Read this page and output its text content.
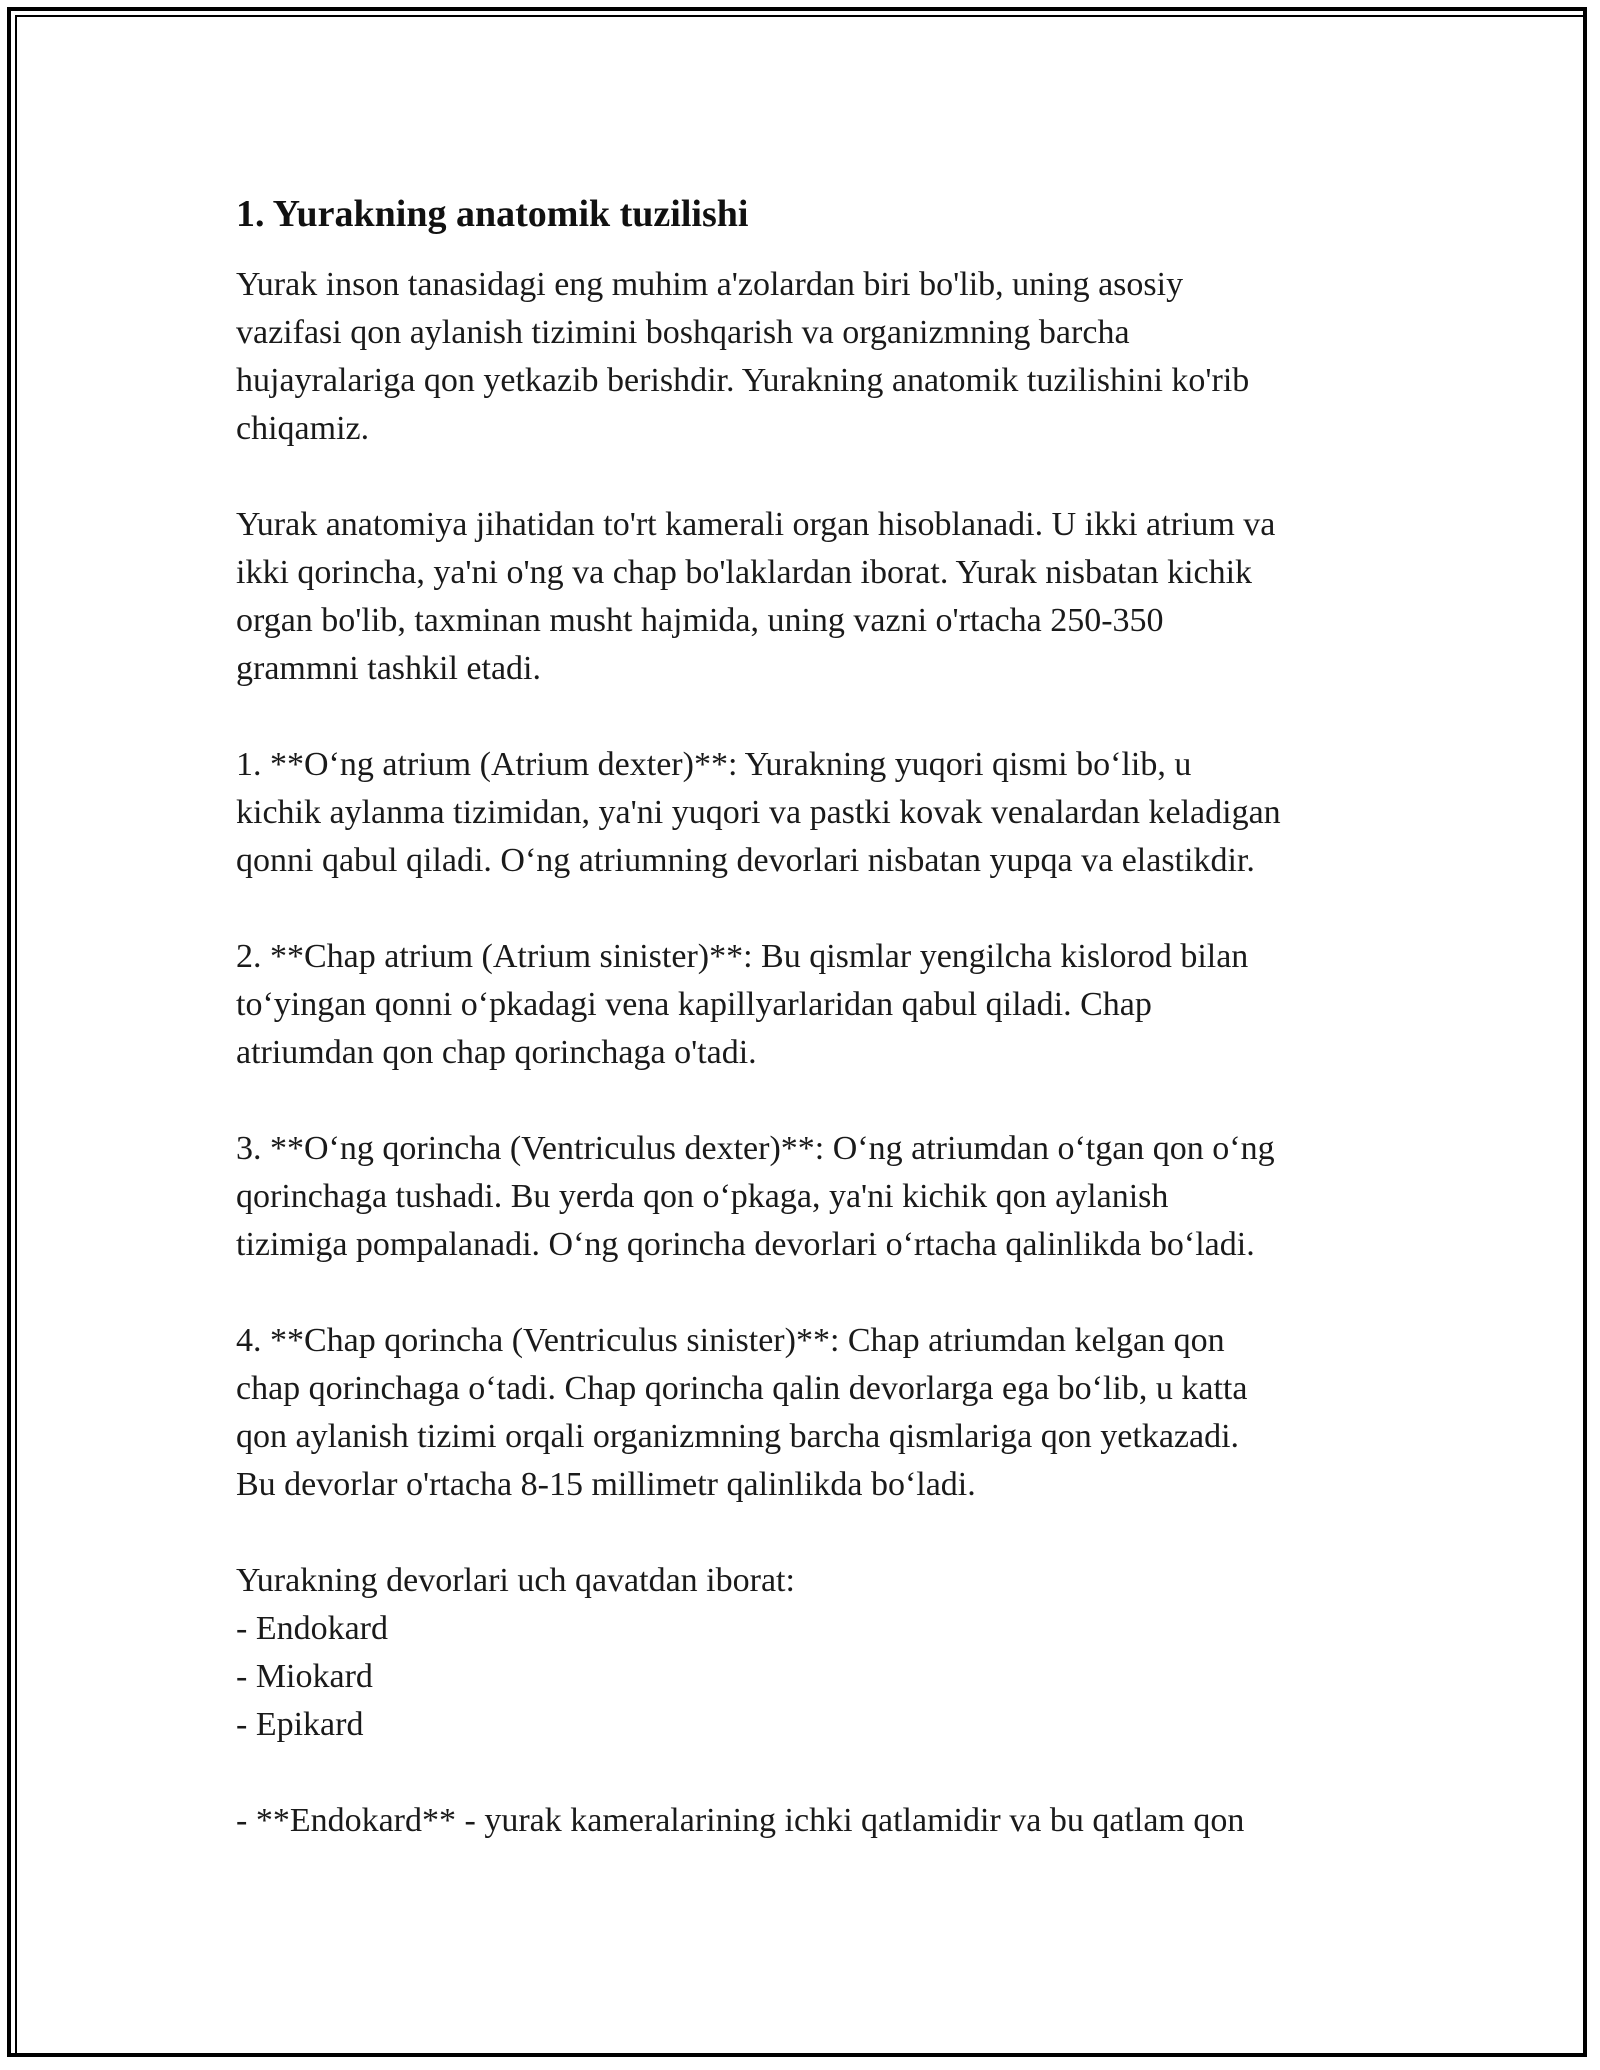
1. Yurakning anatomik tuzilishi

Yurak inson tanasidagi eng muhim a'zolardan biri bo'lib, uning asosiy
vazifasi qon aylanish tizimini boshqarish va organizmning barcha
hujayralariga qon yetkazib berishdir. Yurakning anatomik tuzilishini ko'rib
chiqamiz.

Yurak anatomiya jihatidan to'rt kamerali organ hisoblanadi. U ikki atrium va
ikki qorincha, ya'ni o'ng va chap bo'laklardan iborat. Yurak nisbatan kichik
organ bo'lib, taxminan musht hajmida, uning vazni o'rtacha 250-350
grammni tashkil etadi.

1. **O‘ng atrium (Atrium dexter)**: Yurakning yuqori qismi bo‘lib, u
kichik aylanma tizimidan, ya'ni yuqori va pastki kovak venalardan keladigan
qonni qabul qiladi. O‘ng atriumning devorlari nisbatan yupqa va elastikdir.

2. **Chap atrium (Atrium sinister)**: Bu qismlar yengilcha kislorod bilan
to‘yingan qonni o‘pkadagi vena kapillyarlaridan qabul qiladi. Chap
atriumdan qon chap qorinchaga o'tadi.

3. **O‘ng qorincha (Ventriculus dexter)**: O‘ng atriumdan o‘tgan qon o‘ng
qorinchaga tushadi. Bu yerda qon o‘pkaga, ya'ni kichik qon aylanish
tizimiga pompalanadi. O‘ng qorincha devorlari o‘rtacha qalinlikda bo‘ladi.

4. **Chap qorincha (Ventriculus sinister)**: Chap atriumdan kelgan qon
chap qorinchaga o‘tadi. Chap qorincha qalin devorlarga ega bo‘lib, u katta
qon aylanish tizimi orqali organizmning barcha qismlariga qon yetkazadi.
Bu devorlar o'rtacha 8-15 millimetr qalinlikda bo‘ladi.

Yurakning devorlari uch qavatdan iborat:
- Endokard
- Miokard
- Epikard

- **Endokard** - yurak kameralarining ichki qatlamidir va bu qatlam qon
